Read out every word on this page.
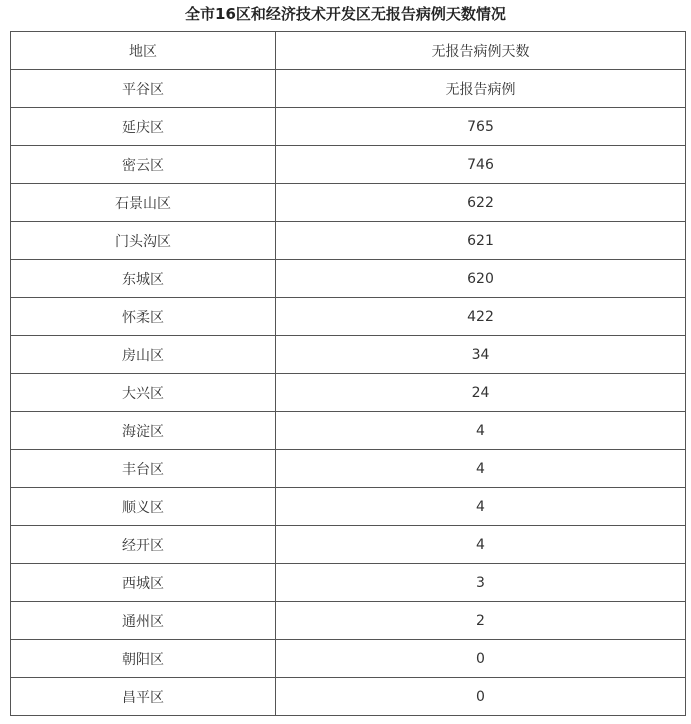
全市16区和经济技术开发区无报告病例天数情况
地区	无报告病例天数
平谷区	无报告病例
延庆区	765
密云区	746
石景山区	622
门头沟区	621
东城区	620
怀柔区	422
房山区	34
大兴区	24
海淀区	4
丰台区	4
顺义区	4
经开区	4
西城区	3
通州区	2
朝阳区	0
昌平区	0
